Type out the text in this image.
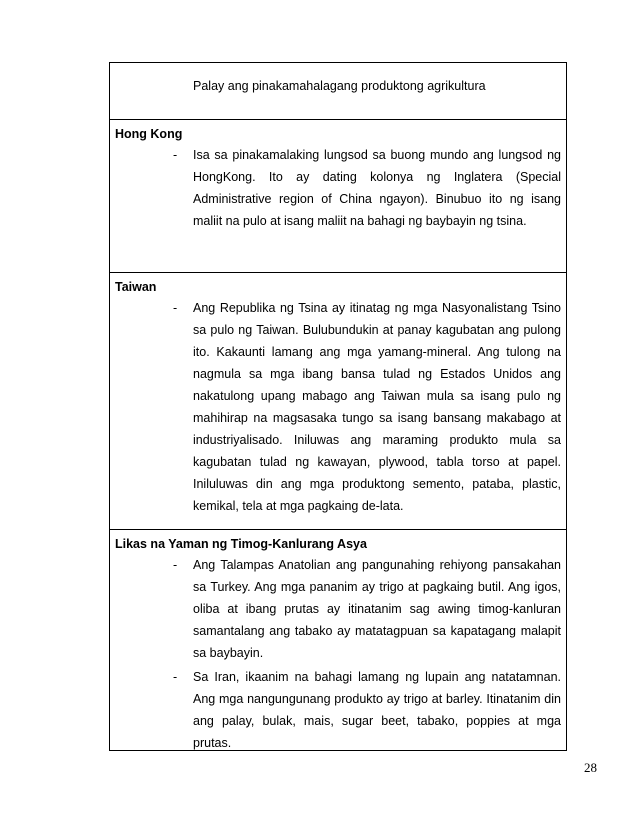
Palay ang pinakamahalagang produktong agrikultura

Hong Kong

- Isa sa pinakamalaking lungsod sa buong mundo ang lungsod ng HongKong. Ito ay dating kolonya ng Inglatera (Special Administrative region of China ngayon). Binubuo ito ng isang maliit na pulo at isang maliit na bahagi ng baybayin ng tsina.

Taiwan

- Ang Republika ng Tsina ay itinatag ng mga Nasyonalistang Tsino sa pulo ng Taiwan. Bulubundukin at panay kagubatan ang pulong ito. Kakaunti lamang ang mga yamang-mineral. Ang tulong na nagmula sa mga ibang bansa tulad ng Estados Unidos ang nakatulong upang mabago ang Taiwan mula sa isang pulo ng mahihirap na magsasaka tungo sa isang bansang makabago at industriyalisado. Iniluwas ang maraming produkto mula sa kagubatan tulad ng kawayan, plywood, tabla torso at papel. Iniluluwas din ang mga produktong semento, pataba, plastic, kemikal, tela at mga pagkaing de-lata.

Likas na Yaman ng Timog-Kanlurang Asya

- Ang Talampas Anatolian ang pangunahing rehiyong pansakahan sa Turkey. Ang mga pananim ay trigo at pagkaing butil. Ang igos, oliba at ibang prutas ay itinatanim sag awing timog-kanluran samantalang ang tabako ay matatagpuan sa kapatagang malapit sa baybayin.

- Sa Iran, ikaanim na bahagi lamang ng lupain ang natatamnan. Ang mga nangungunang produkto ay trigo at barley. Itinatanim din ang palay, bulak, mais, sugar beet, tabako, poppies at mga prutas.

28
